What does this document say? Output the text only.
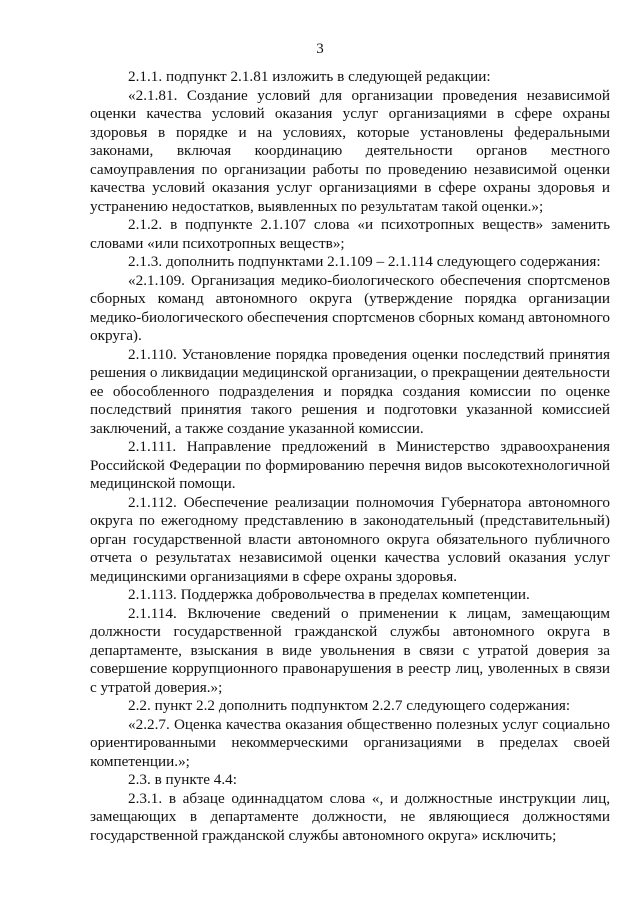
3

2.1.1. подпункт 2.1.81 изложить в следующей редакции:

«2.1.81. Создание условий для организации проведения независимой оценки качества условий оказания услуг организациями в сфере охраны здоровья в порядке и на условиях, которые установлены федеральными законами, включая координацию деятельности органов местного самоуправления по организации работы по проведению независимой оценки качества условий оказания услуг организациями в сфере охраны здоровья и устранению недостатков, выявленных по результатам такой оценки.»;

2.1.2. в подпункте 2.1.107 слова «и психотропных веществ» заменить словами «или психотропных веществ»;

2.1.3. дополнить подпунктами 2.1.109 – 2.1.114 следующего содержания:

«2.1.109. Организация медико-биологического обеспечения спортсменов сборных команд автономного округа (утверждение порядка организации медико-биологического обеспечения спортсменов сборных команд автономного округа).

2.1.110. Установление порядка проведения оценки последствий принятия решения о ликвидации медицинской организации, о прекращении деятельности ее обособленного подразделения и порядка создания комиссии по оценке последствий принятия такого решения и подготовки указанной комиссией заключений, а также создание указанной комиссии.

2.1.111. Направление предложений в Министерство здравоохранения Российской Федерации по формированию перечня видов высокотехнологичной медицинской помощи.

2.1.112. Обеспечение реализации полномочия Губернатора автономного округа по ежегодному представлению в законодательный (представительный) орган государственной власти автономного округа обязательного публичного отчета о результатах независимой оценки качества условий оказания услуг медицинскими организациями в сфере охраны здоровья.

2.1.113. Поддержка добровольчества в пределах компетенции.

2.1.114. Включение сведений о применении к лицам, замещающим должности государственной гражданской службы автономного округа в департаменте, взыскания в виде увольнения в связи с утратой доверия за совершение коррупционного правонарушения в реестр лиц, уволенных в связи с утратой доверия.»;

2.2. пункт 2.2 дополнить подпунктом 2.2.7 следующего содержания:

«2.2.7. Оценка качества оказания общественно полезных услуг социально ориентированными некоммерческими организациями в пределах своей компетенции.»;

2.3. в пункте 4.4:

2.3.1. в абзаце одиннадцатом слова «, и должностные инструкции лиц, замещающих в департаменте должности, не являющиеся должностями государственной гражданской службы автономного округа» исключить;
